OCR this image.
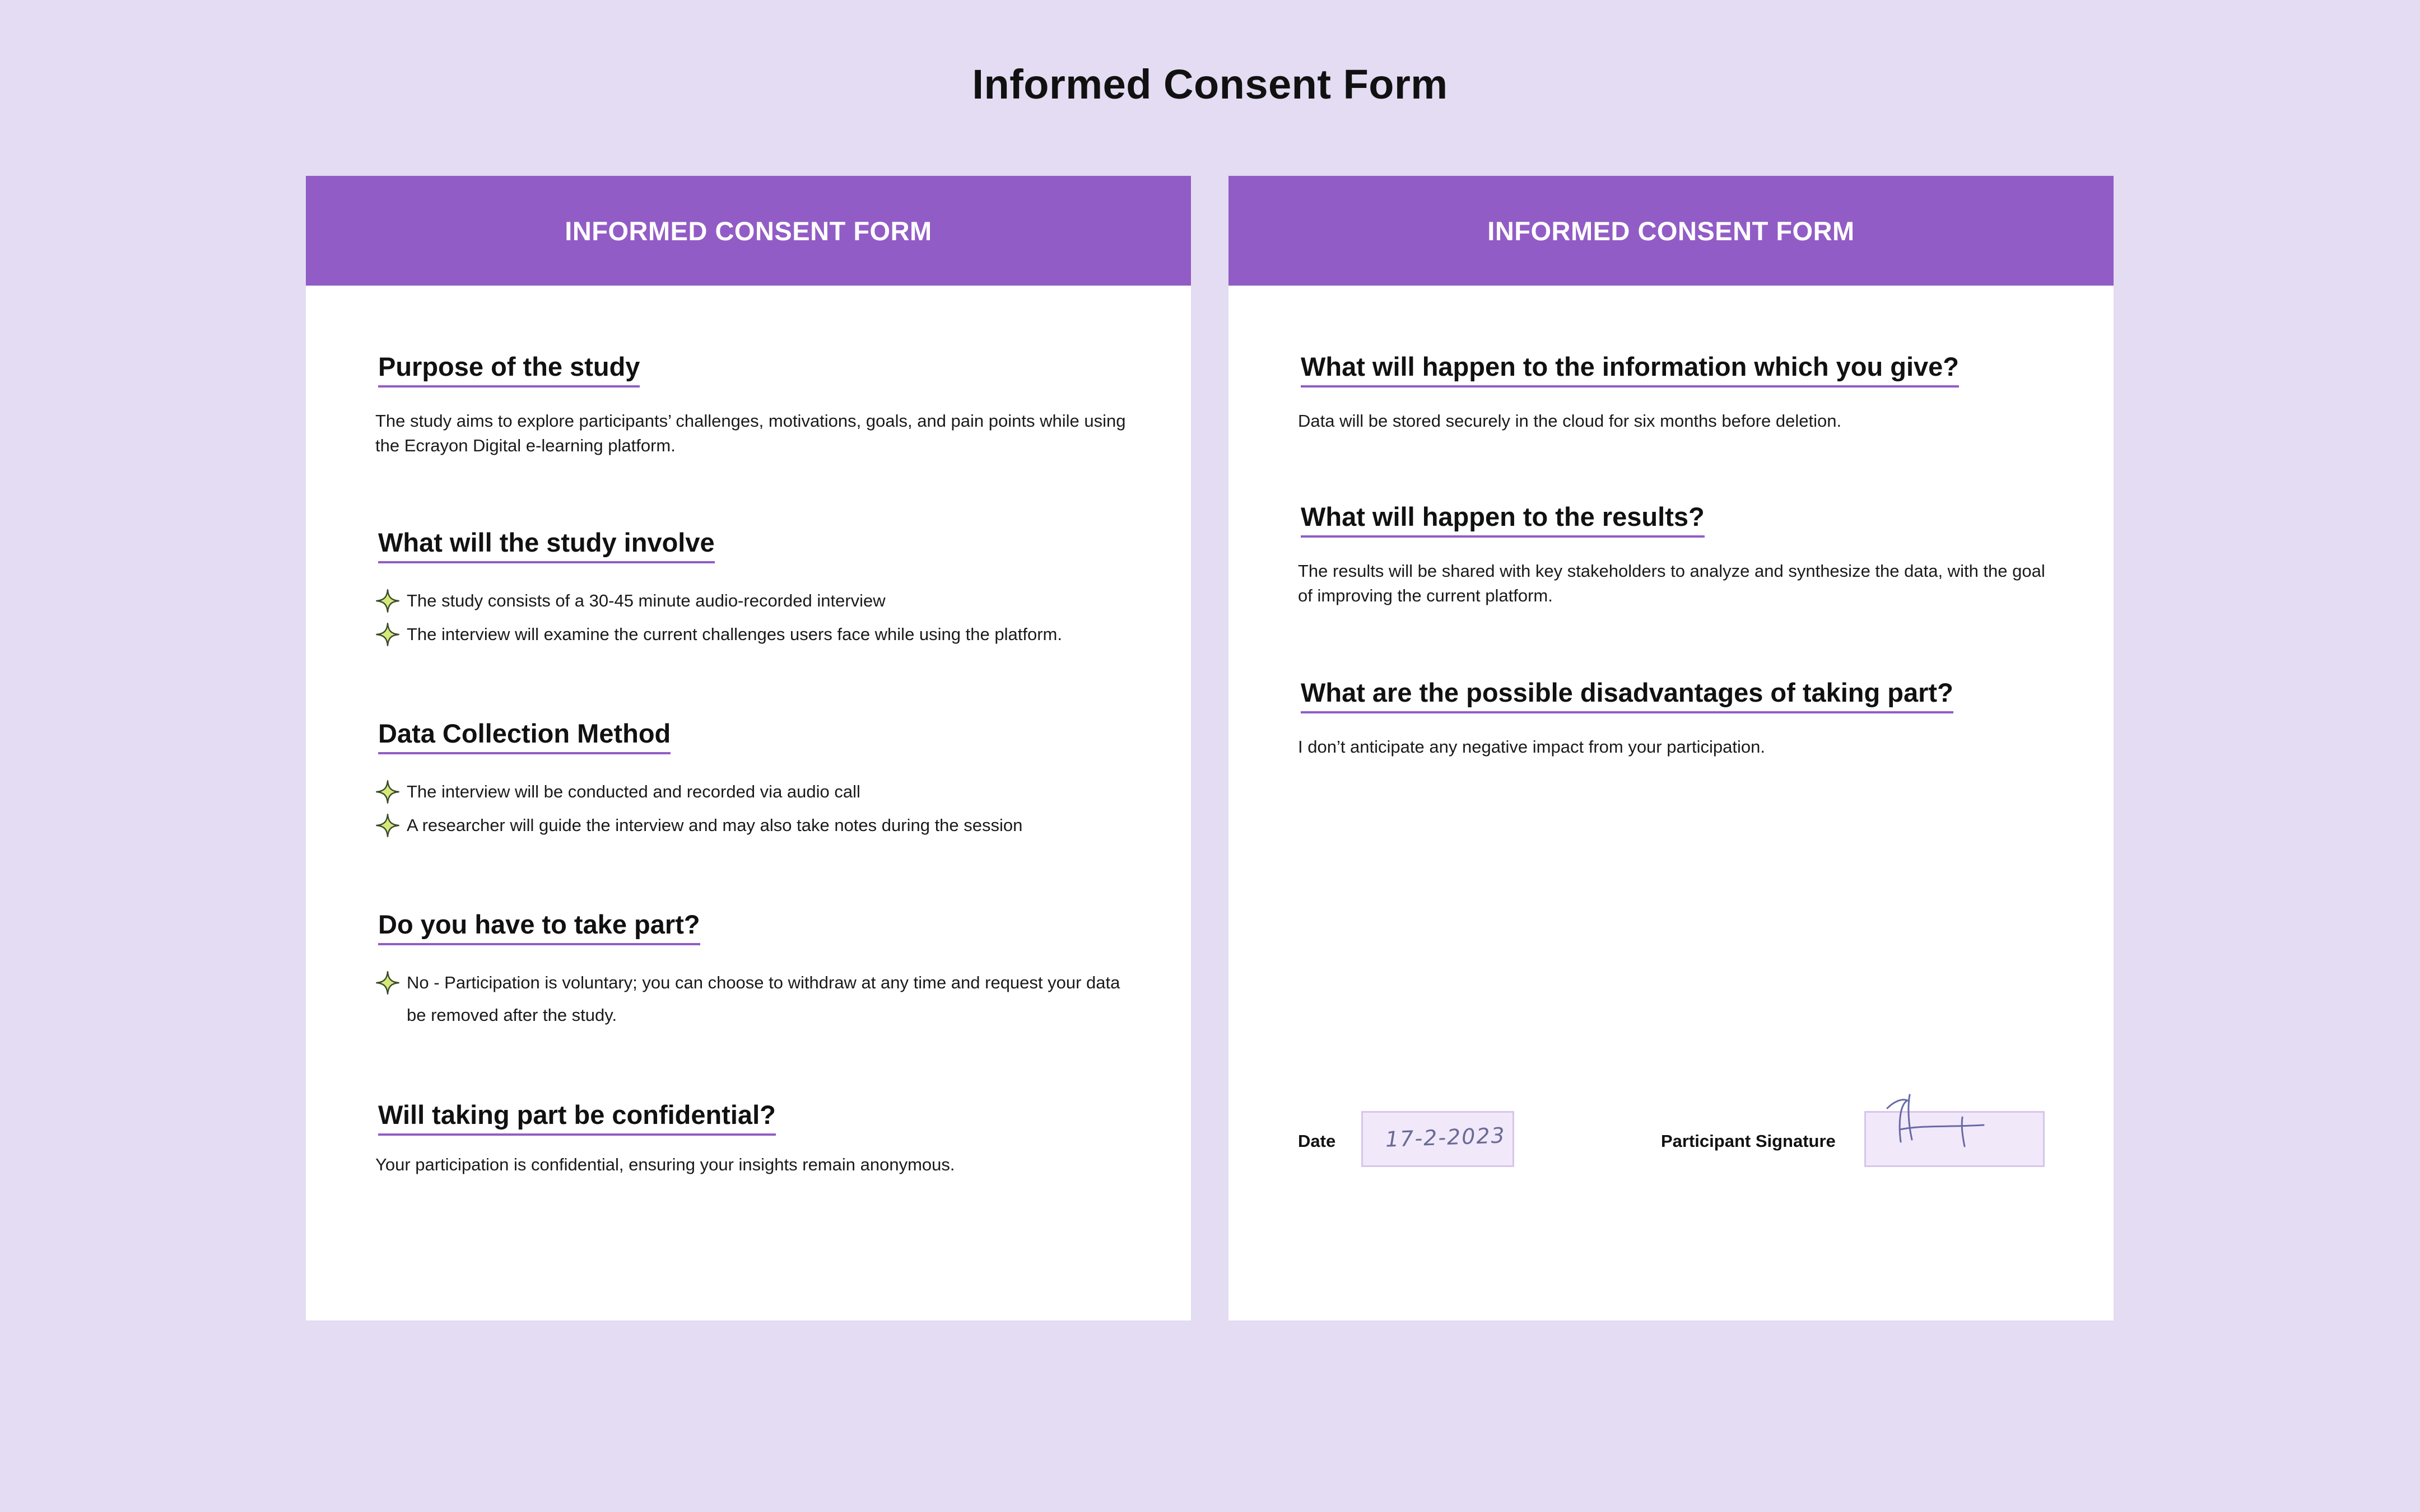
Informed Consent Form
INFORMED CONSENT FORM
Purpose of the study

The study aims to explore participants’ challenges, motivations, goals, and pain points while using the Ecrayon Digital e-learning platform.

What will the study involve
The study consists of a 30-45 minute audio-recorded interview
The interview will examine the current challenges users face while using the platform.
Data Collection Method
The interview will be conducted and recorded via audio call
A researcher will guide the interview and may also take notes during the session
Do you have to take part?
No - Participation is voluntary; you can choose to withdraw at any time and request your data be removed after the study.
Will taking part be confidential?

Your participation is confidential, ensuring your insights remain anonymous.

INFORMED CONSENT FORM
What will happen to the information which you give?

Data will be stored securely in the cloud for six months before deletion.

What will happen to the results?

The results will be shared with key stakeholders to analyze and synthesize the data, with the goal of improving the current platform.

What are the possible disadvantages of taking part?

I don’t anticipate any negative impact from your participation.

Date 17-2-2023	Participant Signature
